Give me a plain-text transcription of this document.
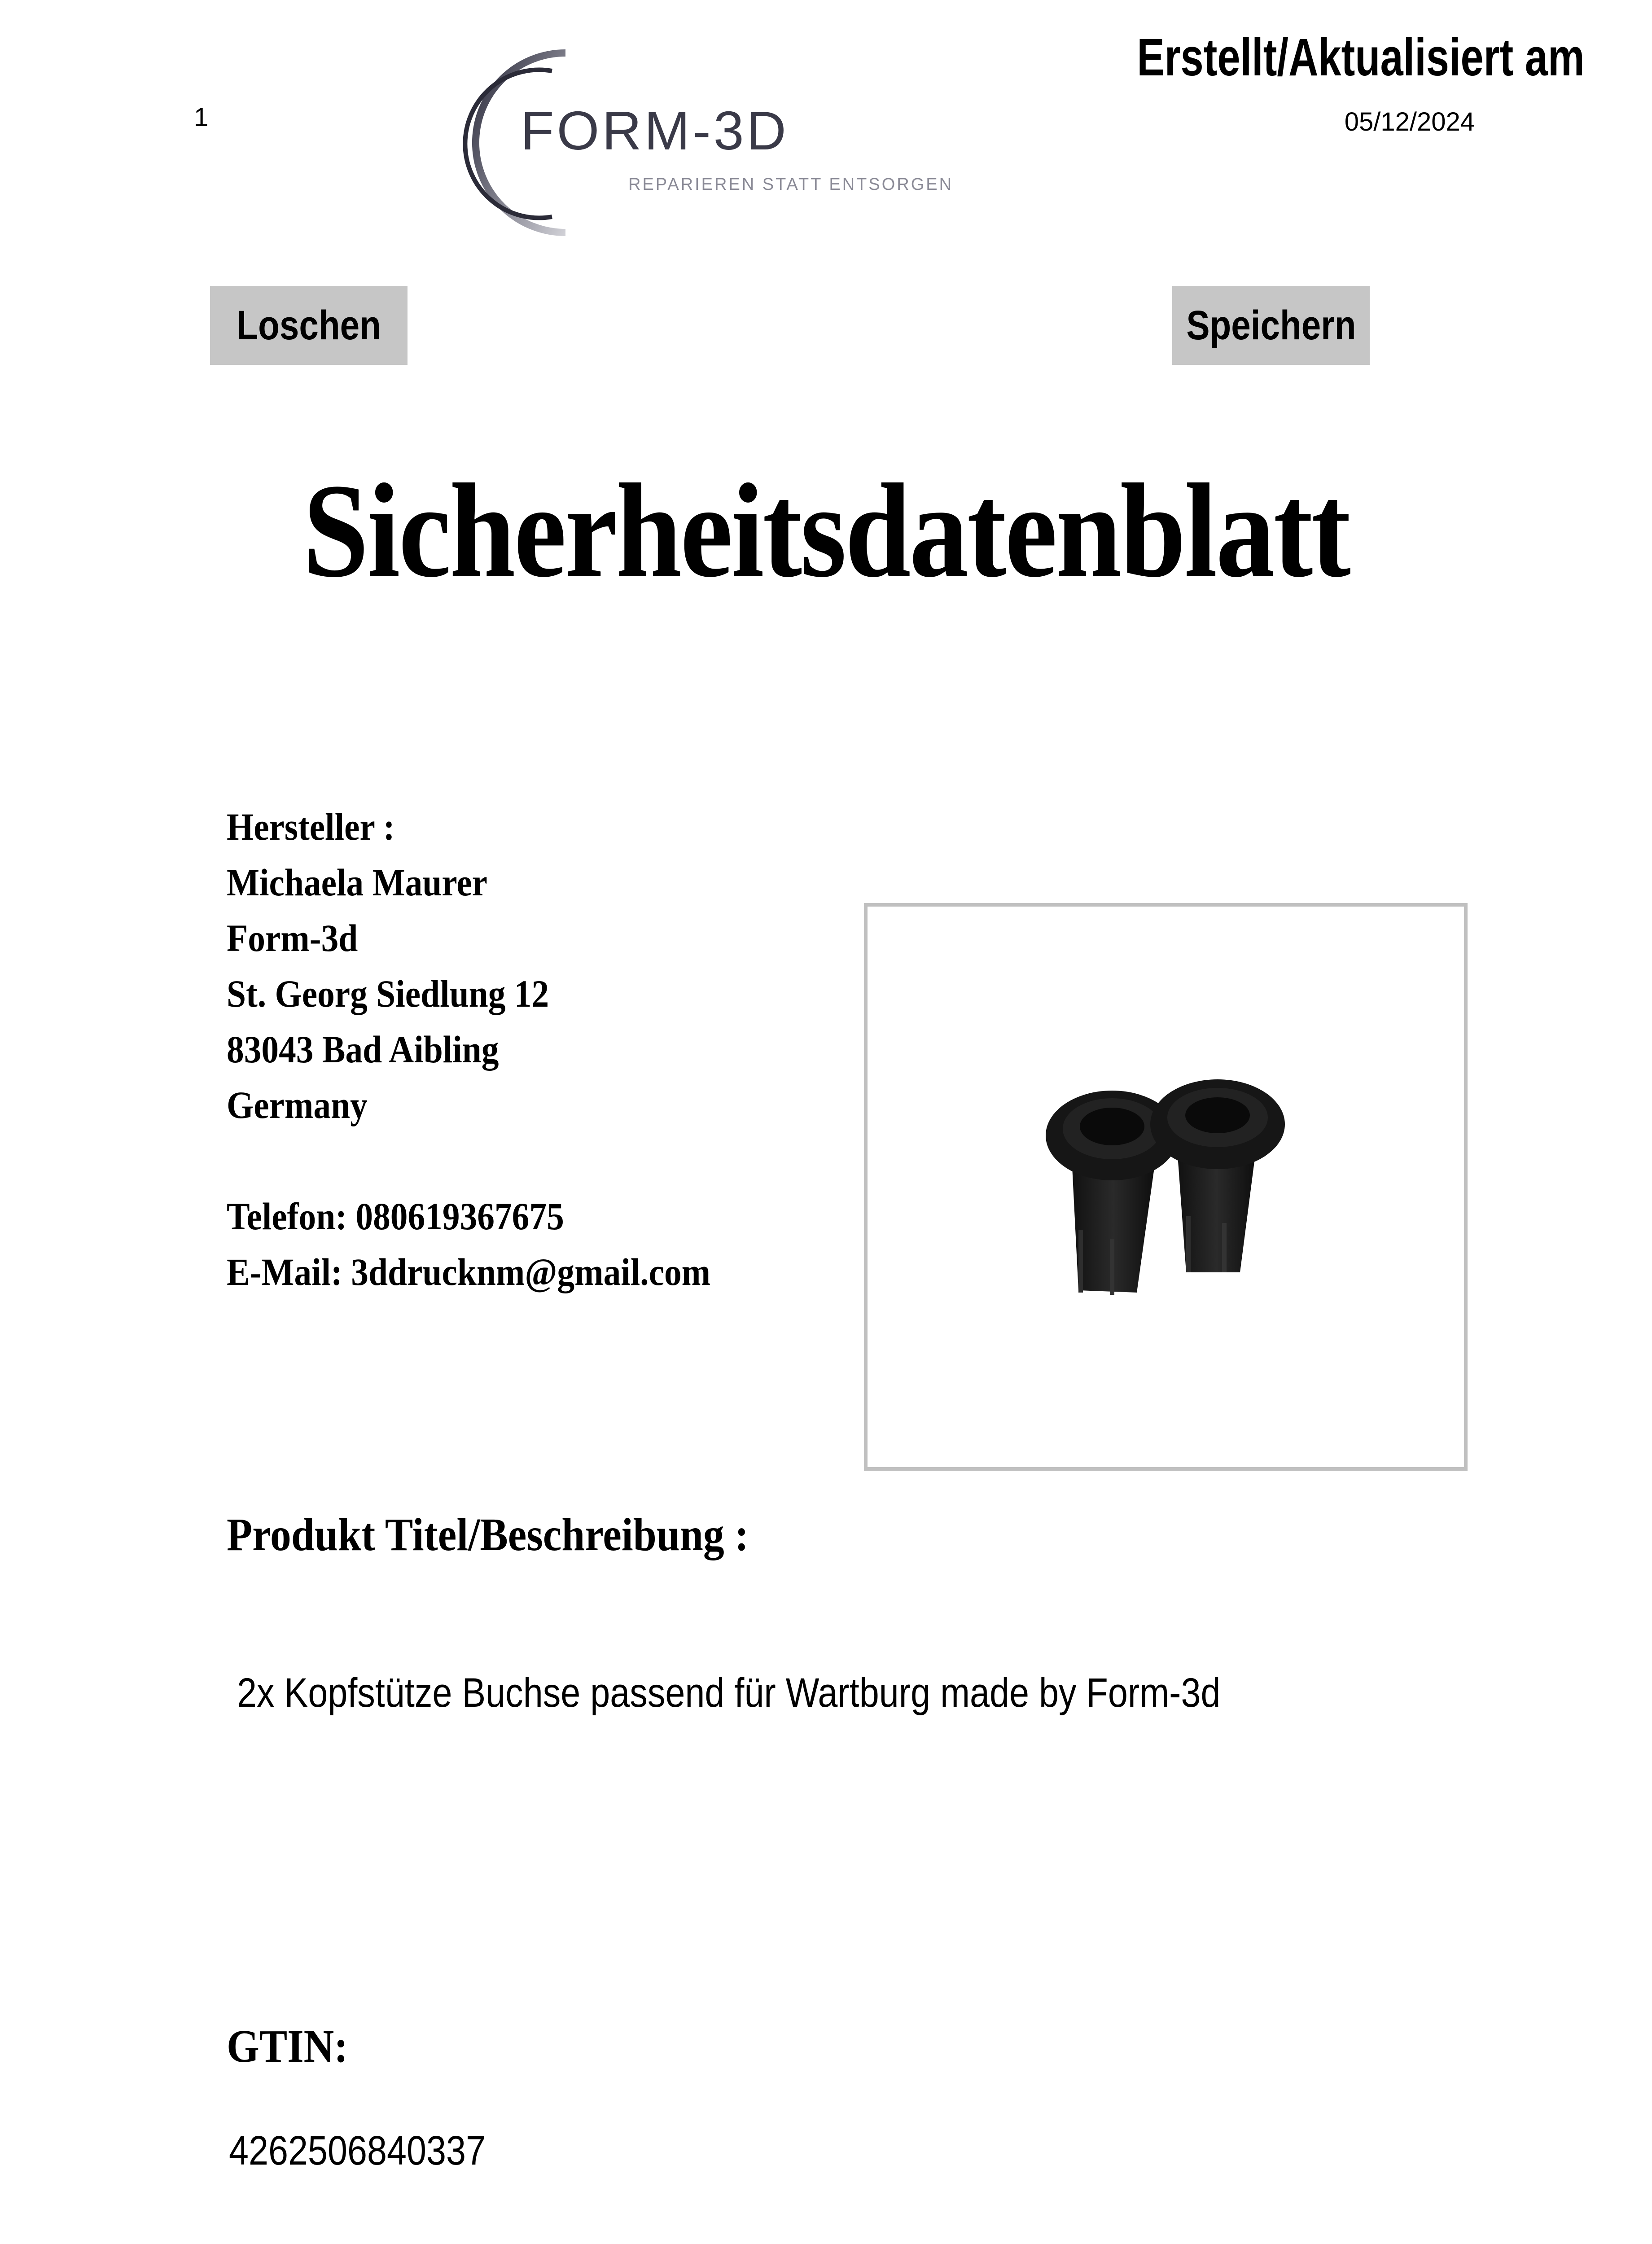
1	FORM-3D
REPARIEREN STATT ENTSORGEN
Erstellt/Aktualisiert am
05/12/2024
Loschen	Speichern
Sicherheitsdatenblatt
Hersteller :
Michaela Maurer
Form-3d
St. Georg Siedlung 12
83043 Bad Aibling
Germany

Telefon: 080619367675
E-Mail: 3ddrucknm@gmail.com
Produkt Titel/Beschreibung :
2x Kopfstütze Buchse passend für Wartburg made by Form-3d
GTIN:
4262506840337
